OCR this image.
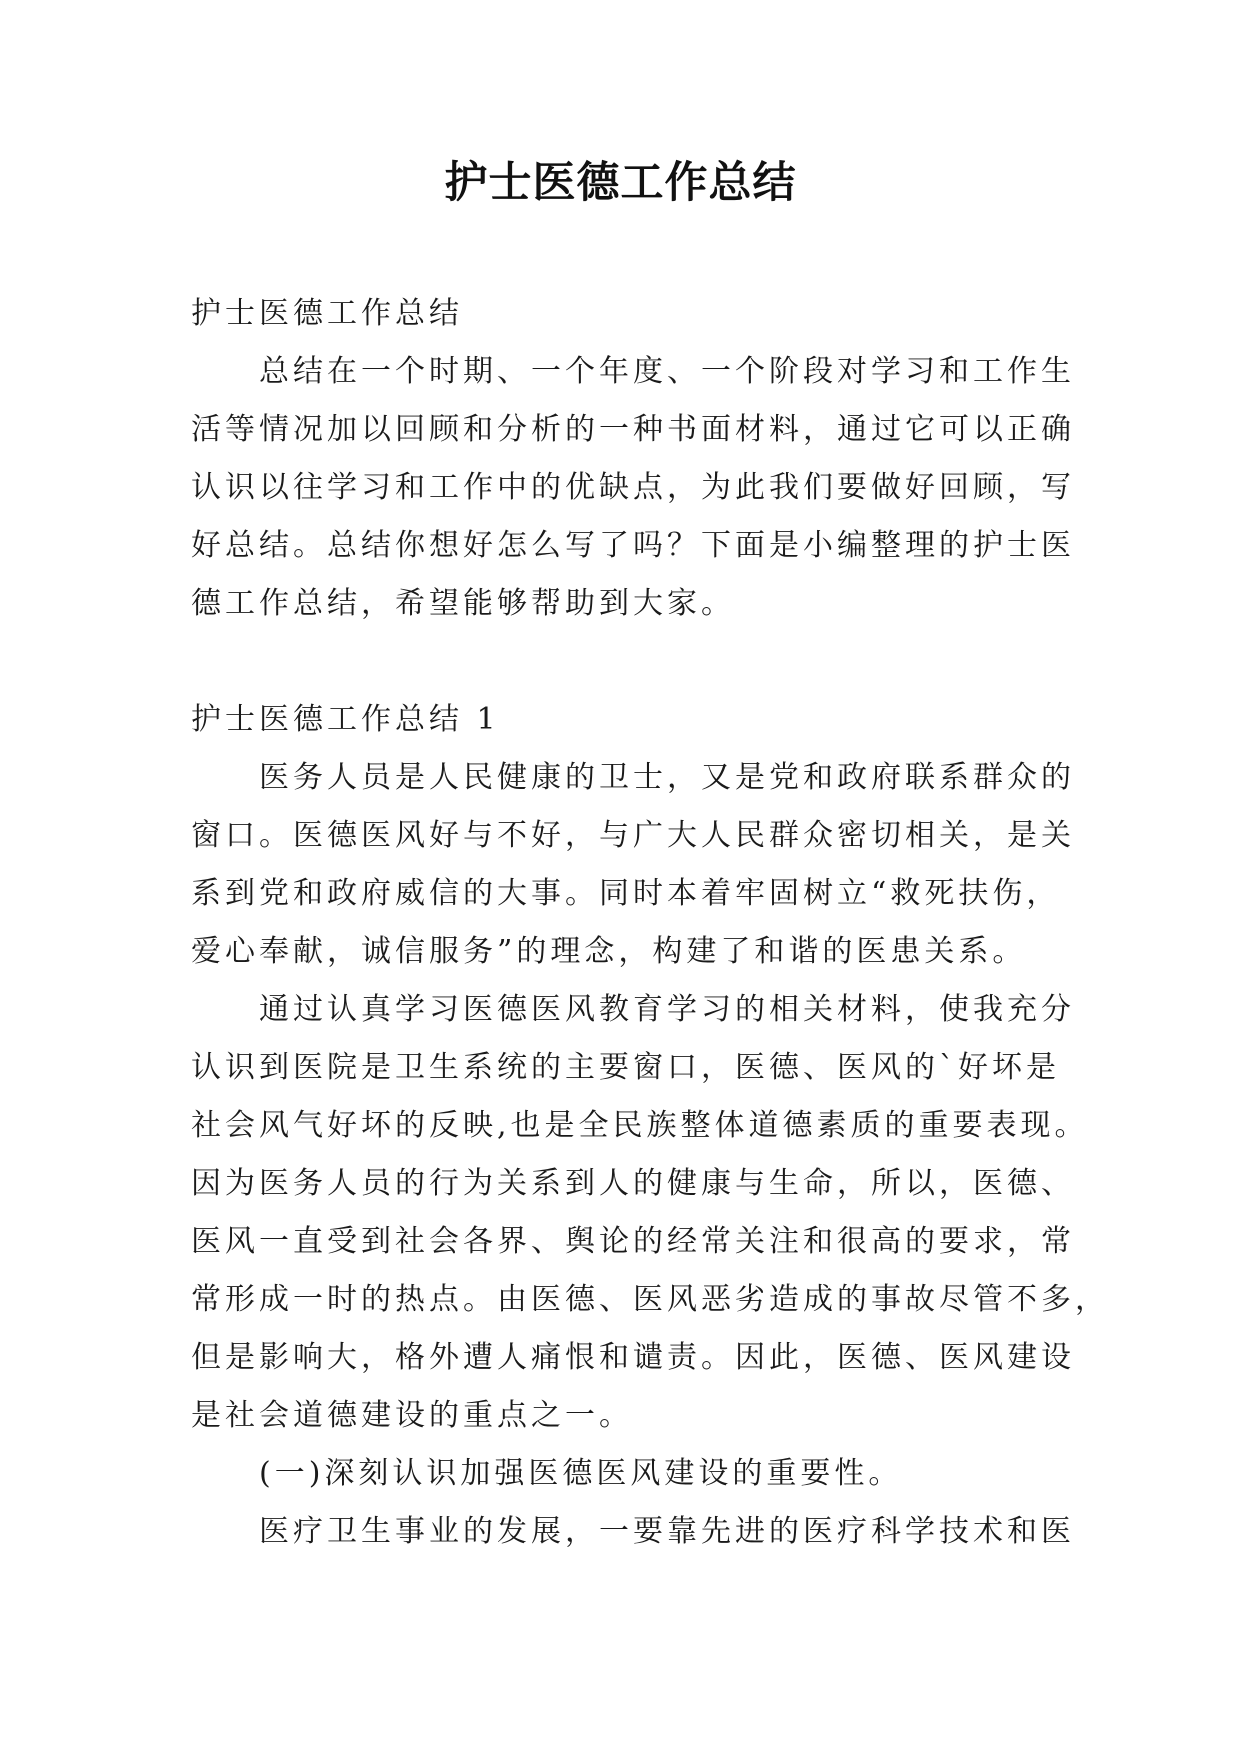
护士医德工作总结

护士医德工作总结

总结在一个时期、一个年度、一个阶段对学习和工作生
活等情况加以回顾和分析的一种书面材料，通过它可以正确
认识以往学习和工作中的优缺点，为此我们要做好回顾，写
好总结。总结你想好怎么写了吗？下面是小编整理的护士医
德工作总结，希望能够帮助到大家。

护士医德工作总结 1

医务人员是人民健康的卫士，又是党和政府联系群众的
窗口。医德医风好与不好，与广大人民群众密切相关，是关
系到党和政府威信的大事。同时本着牢固树立“救死扶伤，
爱心奉献，诚信服务”的理念，构建了和谐的医患关系。

通过认真学习医德医风教育学习的相关材料，使我充分
认识到医院是卫生系统的主要窗口，医德、医风的`好坏是
社会风气好坏的反映,也是全民族整体道德素质的重要表现。
因为医务人员的行为关系到人的健康与生命，所以，医德、
医风一直受到社会各界、舆论的经常关注和很高的要求，常
常形成一时的热点。由医德、医风恶劣造成的事故尽管不多，
但是影响大，格外遭人痛恨和谴责。因此，医德、医风建设
是社会道德建设的重点之一。

(一)深刻认识加强医德医风建设的重要性。

医疗卫生事业的发展，一要靠先进的医疗科学技术和医
